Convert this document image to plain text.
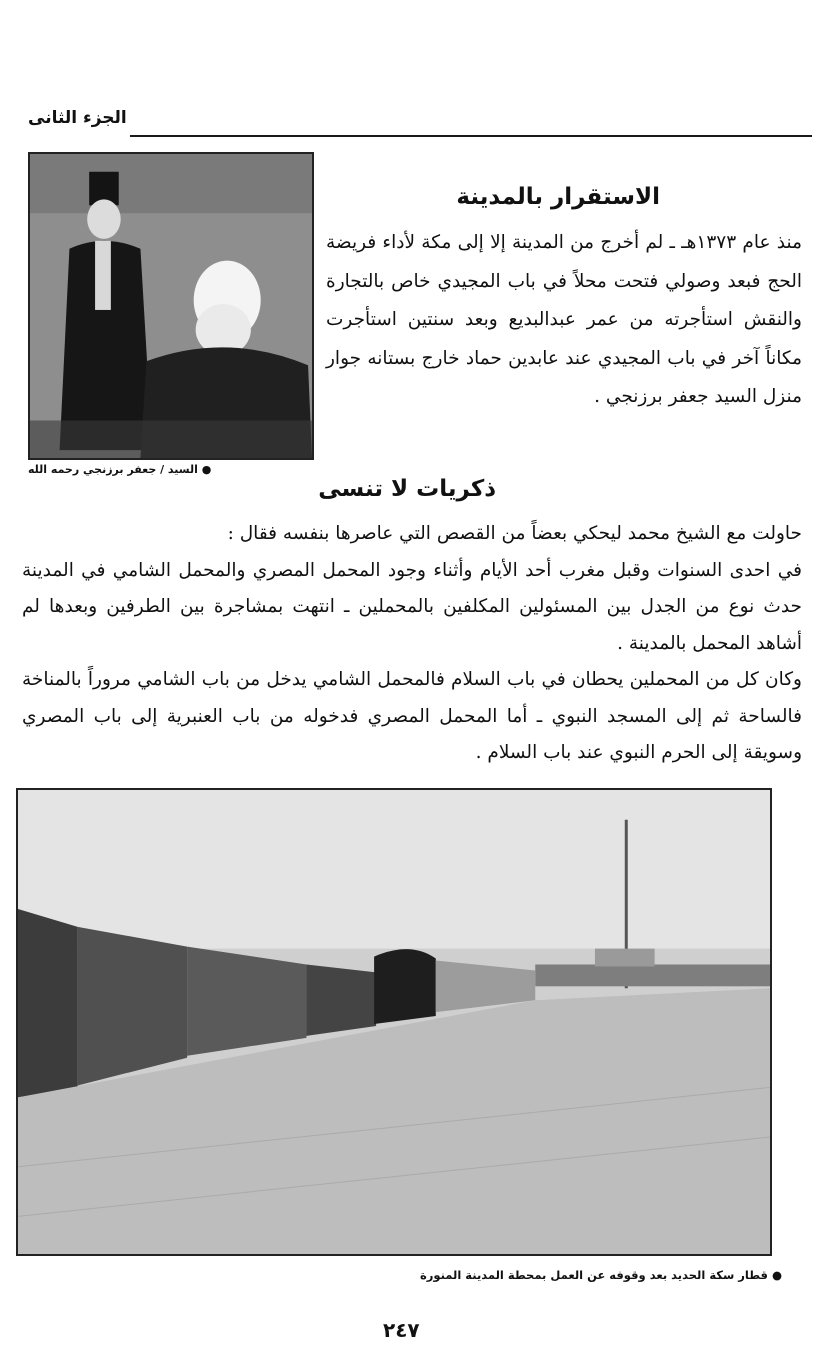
الجزء الثانى
● السيد / جعفر برزنجي رحمه الله
الاستقرار بالمدينة
منذ عام ١٣٧٣هـ ـ لم أخرج من المدينة إلا إلى مكة لأداء فريضة الحج فبعد وصولي فتحت محلاً في باب المجيدي خاص بالتجارة والنقش استأجرته من عمر عبدالبديع وبعد سنتين استأجرت مكاناً آخر في باب المجيدي عند عابدين حماد خارج بستانه جوار منزل السيد جعفر برزنجي .
ذكريات لا تنسى

حاولت مع الشيخ محمد ليحكي بعضاً من القصص التي عاصرها بنفسه فقال :

في احدى السنوات وقبل مغرب أحد الأيام وأثناء وجود المحمل المصري والمحمل الشامي في المدينة حدث نوع من الجدل بين المسئولين المكلفين بالمحملين ـ انتهت بمشاجرة بين الطرفين وبعدها لم أشاهد المحمل بالمدينة .

وكان كل من المحملين يحطان في باب السلام فالمحمل الشامي يدخل من باب الشامي مروراً بالمناخة فالساحة ثم إلى المسجد النبوي ـ أما المحمل المصري فدخوله من باب العنبرية إلى باب المصري وسويقة إلى الحرم النبوي عند باب السلام .

● قطار سكة الحديد بعد وقوفه عن العمل بمحطة المدينة المنورة
٢٤٧
